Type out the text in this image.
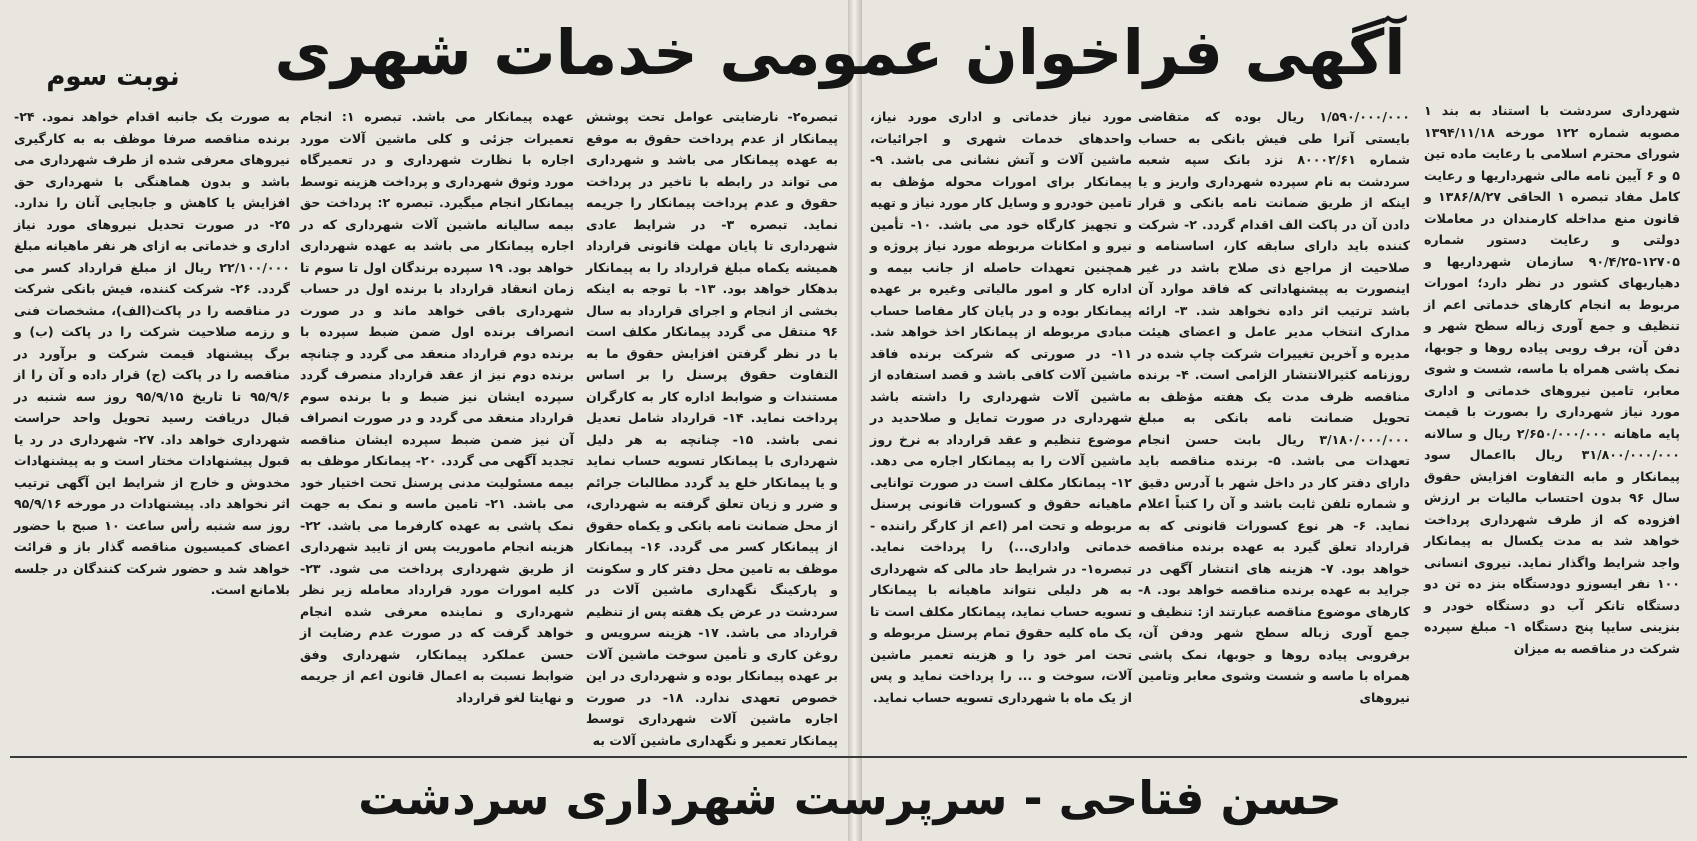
آگهی فراخوان عمومی خدمات شهری
نوبت سوم

شهرداری سردشت با استناد به بند ۱ مصوبه شماره ۱۲۲ مورخه ۱۳۹۴/۱۱/۱۸ شورای محترم اسلامی با رعایت ماده تین ۵ و ۶ آیین نامه مالی شهرداریها و رعایت کامل مفاد تبصره ۱ الحاقی ۱۳۸۶/۸/۲۷ و قانون منع مداخله کارمندان در معاملات دولتی و رعایت دستور شماره ۱۲۷۰۵-۹۰/۴/۲۵ سازمان شهرداریها و دهیاریهای کشور در نظر دارد؛ امورات مربوط به انجام کارهای خدماتی اعم از تنظیف و جمع آوری زباله سطح شهر و دفن آن، برف روبی پیاده روها و جوبها، نمک پاشی همراه با ماسه، شست و شوی معابر، تامین نیروهای خدماتی و اداری مورد نیاز شهرداری را بصورت با قیمت پایه ماهانه ۲/۶۵۰/۰۰۰/۰۰۰ ریال و سالانه ۳۱/۸۰۰/۰۰۰/۰۰۰ ریال بااعمال سود پیمانکار و مابه التفاوت افزایش حقوق سال ۹۶ بدون احتساب مالیات بر ارزش افزوده که از طرف شهرداری پرداخت خواهد شد به مدت یکسال به پیمانکار واجد شرایط واگذار نماید. نیروی انسانی ۱۰۰ نفر ایسوزو دودستگاه بنز ده تن دو دستگاه تانکر آب دو دستگاه خودر و بنزینی سایپا پنج دستگاه ۱- مبلغ سپرده شرکت در مناقصه به میزان

۱/۵۹۰/۰۰۰/۰۰۰ ریال بوده که متقاضی بایستی آنرا طی فیش بانکی به حساب شماره ۸۰۰۰۲/۶۱ نزد بانک سپه شعبه سردشت به نام سپرده شهرداری واریز و یا اینکه از طریق ضمانت نامه بانکی و قرار دادن آن در پاکت الف اقدام گردد. ۲- شرکت کننده باید دارای سابقه کار، اساسنامه و صلاحیت از مراجع ذی صلاح باشد در غیر اینصورت به پیشنهاداتی که فاقد موارد آن باشد ترتیب اثر داده نخواهد شد. ۳- ارائه مدارک انتخاب مدیر عامل و اعضای هیئت مدیره و آخرین تغییرات شرکت چاپ شده در روزنامه کثیرالانتشار الزامی است. ۴- برنده مناقصه ظرف مدت یک هفته مؤظف به تحویل ضمانت نامه بانکی به مبلغ ۳/۱۸۰/۰۰۰/۰۰۰ ریال بابت حسن انجام تعهدات می باشد. ۵- برنده مناقصه باید دارای دفتر کار در داخل شهر با آدرس دقیق و شماره تلفن ثابت باشد و آن را کتباً اعلام نماید. ۶- هر نوع کسورات قانونی که به قرارداد تعلق گیرد به عهده برنده مناقصه خواهد بود. ۷- هزینه های انتشار آگهی در جراید به عهده برنده مناقصه خواهد بود. ۸- کارهای موضوع مناقصه عبارتند از: تنظیف و جمع آوری زباله سطح شهر ودفن آن، برفروبی پیاده روها و جوبها، نمک پاشی همراه با ماسه و شست وشوی معابر وتامین نیروهای

مورد نیاز خدماتی و اداری مورد نیاز، واحدهای خدمات شهری و اجرائیات، ماشین آلات و آتش نشانی می باشد. ۹- پیمانکار برای امورات محوله مؤظف به تامین خودرو و وسایل کار مورد نیاز و تهیه و تجهیز کارگاه خود می باشد. ۱۰- تأمین نیرو و امکانات مربوطه مورد نیاز پروژه و همچنین تعهدات حاصله از جانب بیمه و اداره کار و امور مالیاتی وغیره بر عهده پیمانکار بوده و در پایان کار مفاصا حساب مبادی مربوطه از پیمانکار اخذ خواهد شد. ۱۱- در صورتی که شرکت برنده فاقد ماشین آلات کافی باشد و قصد استفاده از ماشین آلات شهرداری را داشته باشد شهرداری در صورت تمایل و صلاحدید در موضوع تنظیم و عقد قرارداد به نرخ روز ماشین آلات را به پیمانکار اجاره می دهد. ۱۲- پیمانکار مکلف است در صورت توانایی ماهیانه حقوق و کسورات قانونی پرسنل مربوطه و تحت امر (اعم از کارگر راننده - خدماتی واداری...) را پرداخت نماید. تبصره۱- در شرایط حاد مالی که شهرداری به هر دلیلی نتواند ماهیانه با پیمانکار تسویه حساب نماید، پیمانکار مکلف است تا یک ماه کلیه حقوق تمام پرسنل مربوطه و تحت امر خود را و هزینه تعمیر ماشین آلات، سوخت و ... را پرداخت نماید و پس از یک ماه با شهرداری تسویه حساب نماید.

تبصره۲- نارضایتی عوامل تحت پوشش پیمانکار از عدم پرداخت حقوق به موقع به عهده پیمانکار می باشد و شهرداری می تواند در رابطه با تاخیر در پرداخت حقوق و عدم پرداخت پیمانکار را جریمه نماید. تبصره ۳- در شرایط عادی شهرداری تا پایان مهلت قانونی قرارداد همیشه یکماه مبلغ قرارداد را به پیمانکار بدهکار خواهد بود. ۱۳- با توجه به اینکه بخشی از انجام و اجرای قرارداد به سال ۹۶ منتقل می گردد پیمانکار مکلف است با در نظر گرفتن افزایش حقوق ما به التفاوت حقوق پرسنل را بر اساس مستندات و ضوابط اداره کار به کارگران پرداخت نماید. ۱۴- قرارداد شامل تعدیل نمی باشد. ۱۵- چنانچه به هر دلیل شهرداری با پیمانکار تسویه حساب نماید و یا پیمانکار خلع ید گردد مطالبات جرائم و ضرر و زیان تعلق گرفته به شهرداری، از محل ضمانت نامه بانکی و یکماه حقوق از پیمانکار کسر می گردد. ۱۶- پیمانکار موظف به تامین محل دفتر کار و سکونت و پارکینگ نگهداری ماشین آلات در سردشت در عرض یک هفته پس از تنظیم قرارداد می باشد. ۱۷- هزینه سرویس و روغن کاری و تأمین سوخت ماشین آلات بر عهده پیمانکار بوده و شهرداری در این خصوص تعهدی ندارد. ۱۸- در صورت اجاره ماشین آلات شهرداری توسط پیمانکار تعمیر و نگهداری ماشین آلات به

عهده پیمانکار می باشد. تبصره ۱: انجام تعمیرات جزئی و کلی ماشین آلات مورد اجاره با نظارت شهرداری و در تعمیرگاه مورد وثوق شهرداری و پرداخت هزینه توسط پیمانکار انجام میگیرد. تبصره ۲: پرداخت حق بیمه سالیانه ماشین آلات شهرداری که در اجاره پیمانکار می باشد به عهده شهرداری خواهد بود. ۱۹ سپرده برندگان اول تا سوم تا زمان انعقاد قرارداد با برنده اول در حساب شهرداری باقی خواهد ماند و در صورت انصراف برنده اول ضمن ضبط سپرده با برنده دوم قرارداد منعقد می گردد و چنانچه برنده دوم نیز از عقد قرارداد منصرف گردد سپرده ایشان نیز ضبط و با برنده سوم قرارداد منعقد می گردد و در صورت انصراف آن نیز ضمن ضبط سپرده ایشان مناقصه تجدید آگهی می گردد. ۲۰- پیمانکار موظف به بیمه مسئولیت مدنی پرسنل تحت اختیار خود می باشد. ۲۱- تامین ماسه و نمک به جهت نمک پاشی به عهده کارفرما می باشد. ۲۲- هزینه انجام ماموریت پس از تایید شهرداری از طریق شهرداری پرداخت می شود. ۲۳- کلیه امورات مورد قرارداد معامله زیر نظر شهرداری و نماینده معرفی شده انجام خواهد گرفت که در صورت عدم رضایت از حسن عملکرد پیمانکار، شهرداری وفق ضوابط نسبت به اعمال قانون اعم از جریمه و نهایتا لغو قرارداد

به صورت یک جانبه اقدام خواهد نمود. ۲۴- برنده مناقصه صرفا موظف به به کارگیری نیروهای معرفی شده از طرف شهرداری می باشد و بدون هماهنگی با شهرداری حق افزایش یا کاهش و جابجایی آنان را ندارد. ۲۵- در صورت تحدیل نیروهای مورد نیاز اداری و خدماتی به ازای هر نفر ماهیانه مبلغ ۲۲/۱۰۰/۰۰۰ ریال از مبلغ قرارداد کسر می گردد. ۲۶- شرکت کننده، فیش بانکی شرکت در مناقصه را در پاکت(الف)، مشخصات فنی و رزمه صلاحیت شرکت را در پاکت (ب) و برگ پیشنهاد قیمت شرکت و برآورد در مناقصه را در پاکت (ج) قرار داده و آن را از ۹۵/۹/۶ تا تاریخ ۹۵/۹/۱۵ روز سه شنبه در قبال دریافت رسید تحویل واحد حراست شهرداری خواهد داد. ۲۷- شهرداری در رد یا قبول پیشنهادات مختار است و به پیشنهادات مخدوش و خارج از شرایط این آگهی ترتیب اثر نخواهد داد. پیشنهادات در مورخه ۹۵/۹/۱۶ روز سه شنبه رأس ساعت ۱۰ صبح با حضور اعضای کمیسیون مناقصه گذار باز و قرائت خواهد شد و حضور شرکت کنندگان در جلسه بلامانع است.

حسن فتاحی - سرپرست شهرداری سردشت
